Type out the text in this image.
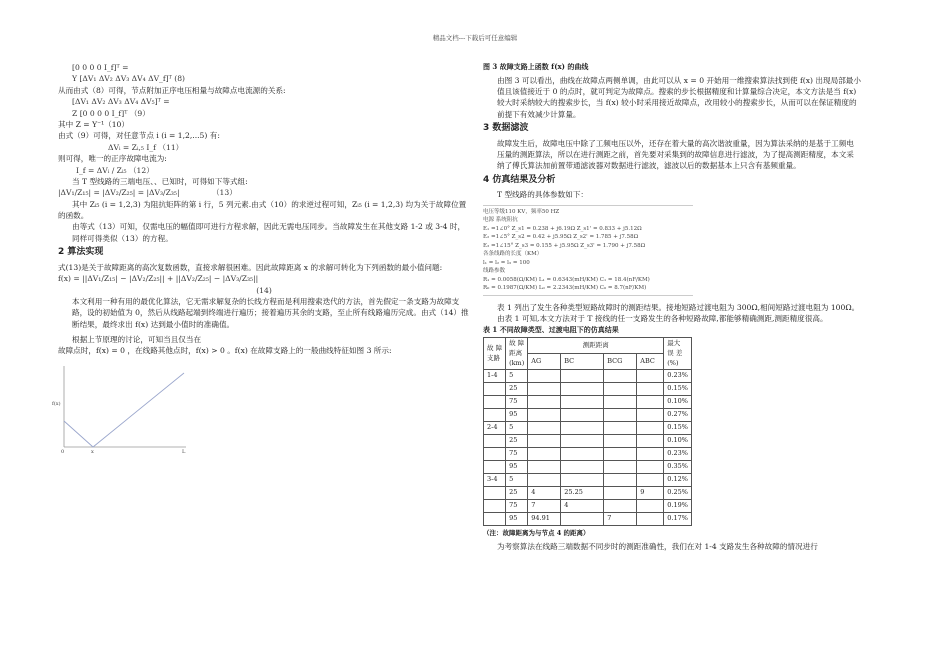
精品文档---下载后可任意编辑

[0 0 0 0 I_f]ᵀ =

Y [ΔV₁ ΔV₂ ΔV₃ ΔV₄ ΔV_f]ᵀ (8)

从而由式（8）可得，节点附加正序电压相量与故障点电流源的关系:

[ΔV₁ ΔV₂ ΔV₃ ΔV₄ ΔV₅]ᵀ =

Z [0 0 0 0 I_f]ᵀ （9）

其中 Z = Y⁻¹（10）

由式（9）可得，对任意节点 i (i = 1,2,...5) 有:

ΔVᵢ = Zᵢ,₅ I_f （11）

则可得，唯一的正序故障电流为:

I_f = ΔVᵢ / Zᵢ₅ （12）

当 T 型线路的三端电压、、已知时，可得如下等式组:

|ΔV₁/Z₁₅| = |ΔV₂/Z₂₅| = |ΔV₃/Z₃₅|	（13）

其中 Zᵢ₅ (i = 1,2,3) 为阻抗矩阵的第 i 行，5 列元素.由式（10）的求逆过程可知，Zᵢ₅ (i = 1,2,3) 均为关于故障位置

的函数。

由等式（13）可知，仅需电压的幅值即可进行方程求解，因此无需电压同步。当故障发生在其他支路 1-2 或 3-4 时，同样可得类似（13）的方程。

2 算法实现

式(13)是关于故障距离的高次复数函数，直接求解很困难。因此故障距离 x 的求解可转化为下列函数的最小值问题:

f(x) = ||ΔV₁/Z₁₅| − |ΔV₂/Z₂₅|| + ||ΔV₂/Z₂₅| − |ΔV₃/Z₃₅||

(14)

本文利用一种有用的最优化算法，它无需求解复杂的长线方程而是利用搜索迭代的方法，首先假定一条支路为故障支路，设的初始值为 0，然后从线路起端到终端进行遍历；接着遍历其余的支路，至止所有线路遍历完成。由式（14）推断结果，最终求出 f(x) 达到最小值时的准确值。

根据上节原理的讨论，可知当且仅当在

故障点时，f(x) = 0 ，在线路其他点时，f(x) > 0 。f(x) 在故障支路上的一般曲线特征如图 3 所示:

f(x)
0	x	L

图 3 故障支路上函数 f(x) 的曲线

由图 3 可以看出，曲线在故障点两侧单调，由此可以从 x = 0 开始用一维搜索算法找到使 f(x) 出现局部最小值且该值接近于 0 的点时，就可判定为故障点。搜索的步长根据精度和计算量综合决定，本文方法是当 f(x) 较大时采纳较大的搜索步长，当 f(x) 较小时采用接近故障点，改用较小的搜索步长，从而可以在保证精度的前提下有效减少计算量。

3 数据滤波

故障发生后，故障电压中除了工频电压以外，还存在着大量的高次谐波重量，因为算法采纳的是基于工频电压量的测距算法，所以在进行测距之前，首先要对采集到的故障信息进行滤波，为了提高测距精度，本文采纳了傅氏算法加前置带通滤波器对数据进行滤波，滤波以后的数据基本上只含有基频重量。

4 仿真结果及分析

T 型线路的具体参数如下：

电压等级110 KV，频率50 HZ
电源 系统阻抗
E₁ =1∠0° Z_s1 = 0.238 + j6.19Ω Z_s1' = 0.833 + j5.12Ω
E₂ =1∠5° Z_s2 = 0.42 + j5.95Ω Z_s2' = 1.785 + j7.58Ω
E₃ =1∠15° Z_s3 = 0.155 + j5.95Ω Z_s3' = 1.790 + j7.58Ω
各条线路的长度（KM）
l₁ = l₂ = l₃ = 100
线路参数
R₁ = 0.0058(Ω/KM) L₁ = 0.6343(mH/KM) C₁ = 18.4(nF/KM)
R₀ = 0.1987(Ω/KM) L₀ = 2.2343(mH/KM) C₀ = 8.7(nF/KM)

表 1 列出了发生各种类型短路故障时的测距结果。接地短路过渡电阻为 300Ω,相间短路过渡电阻为 100Ω。由表 1 可知,本文方法对于 T 接线的任一支路发生的各种短路故障,都能够精确测距,测距精度很高。

表 1 不同故障类型、过渡电阻下的仿真结果

故 障
支路	故 障
距离
(km)	测距距离				最大
误 差
(%)
		AG	BC	BCG	ABC	
1-4	5					0.23%
	25					0.15%
	75					0.10%
	95					0.27%
2-4	5					0.15%
	25					0.10%
	75					0.23%
	95					0.35%
3-4	5					0.12%
	25	4	25.25		9	0.25%
	75	7	4			0.19%
	95	94.91		7		0.17%

（注：故障距离为与节点 4 的距离）

为考察算法在线路三端数据不同步时的测距准确性，我们在对 1-4 支路发生各种故障的情况进行
